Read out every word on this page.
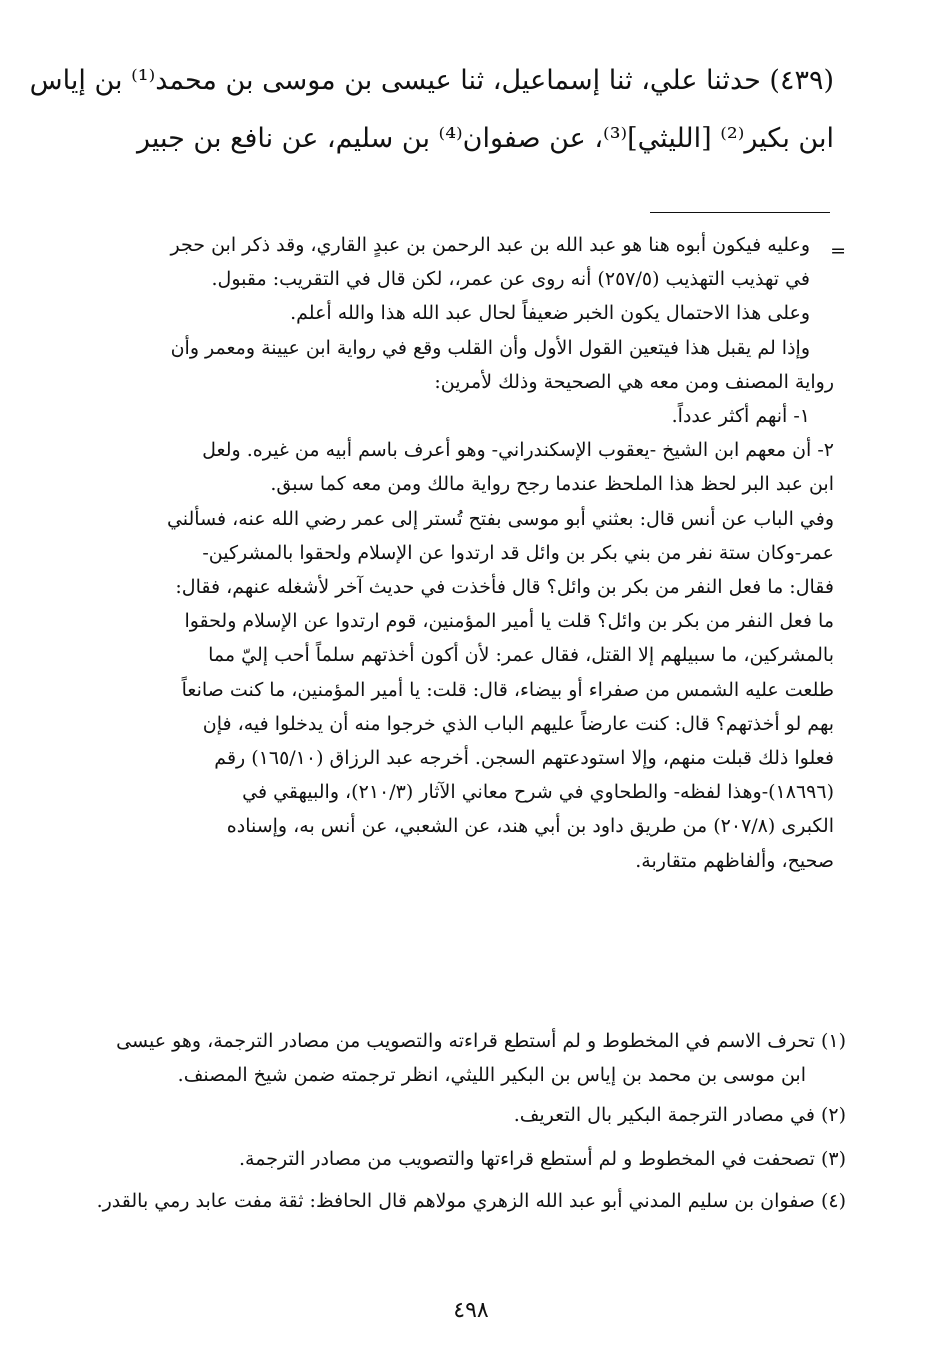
(٤٣٩) حدثنا علي، ثنا إسماعيل، ثنا عيسى بن موسى بن محمد⁽¹⁾ بن إياس
ابن بكير⁽²⁾ [الليثي]⁽³⁾، عن صفوان⁽⁴⁾ بن سليم، عن نافع بن جبير
=
وعليه فيكون أبوه هنا هو عبد الله بن عبد الرحمن بن عبدٍ القاري، وقد ذكر ابن حجر
في تهذيب التهذيب (٢٥٧/٥) أنه روى عن عمر،، لكن قال في التقريب: مقبول.
وعلى هذا الاحتمال يكون الخبر ضعيفاً لحال عبد الله هذا والله أعلم.
وإذا لم يقبل هذا فيتعين القول الأول وأن القلب وقع في رواية ابن عيينة ومعمر وأن
رواية المصنف ومن معه هي الصحيحة وذلك لأمرين:
١- أنهم أكثر عدداً.
٢- أن معهم ابن الشيخ -يعقوب الإسكندراني- وهو أعرف باسم أبيه من غيره. ولعل
ابن عبد البر لحظ هذا الملحظ عندما رجح رواية مالك ومن معه كما سبق.
وفي الباب عن أنس قال: بعثني أبو موسى بفتح تُستر إلى عمر رضي الله عنه، فسألني
عمر-وكان ستة نفر من بني بكر بن وائل قد ارتدوا عن الإسلام ولحقوا بالمشركين-
فقال: ما فعل النفر من بكر بن وائل؟ قال فأخذت في حديث آخر لأشغله عنهم، فقال:
ما فعل النفر من بكر بن وائل؟ قلت يا أمير المؤمنين، قوم ارتدوا عن الإسلام ولحقوا
بالمشركين، ما سبيلهم إلا القتل، فقال عمر: لأن أكون أخذتهم سلماً أحب إليّ مما
طلعت عليه الشمس من صفراء أو بيضاء، قال: قلت: يا أمير المؤمنين، ما كنت صانعاً
بهم لو أخذتهم؟ قال: كنت عارضاً عليهم الباب الذي خرجوا منه أن يدخلوا فيه، فإن
فعلوا ذلك قبلت منهم، وإلا استودعتهم السجن. أخرجه عبد الرزاق (١٦٥/١٠) رقم
(١٨٦٩٦)-وهذا لفظه- والطحاوي في شرح معاني الآثار (٢١٠/٣)، والبيهقي في
الكبرى (٢٠٧/٨) من طريق داود بن أبي هند، عن الشعبي، عن أنس به، وإسناده
صحيح، وألفاظهم متقاربة.
(١)تحرف الاسم في المخطوط و لم أستطع قراءته والتصويب من مصادر الترجمة، وهو عيسى
ابن موسى بن محمد بن إياس بن البكير الليثي، انظر ترجمته ضمن شيخ المصنف.
(٢)في مصادر الترجمة البكير بال التعريف.
(٣)تصحفت في المخطوط و لم أستطع قراءتها والتصويب من مصادر الترجمة.
(٤)صفوان بن سليم المدني أبو عبد الله الزهري مولاهم قال الحافظ: ثقة مفت عابد رمي بالقدر.
٤٩٨
